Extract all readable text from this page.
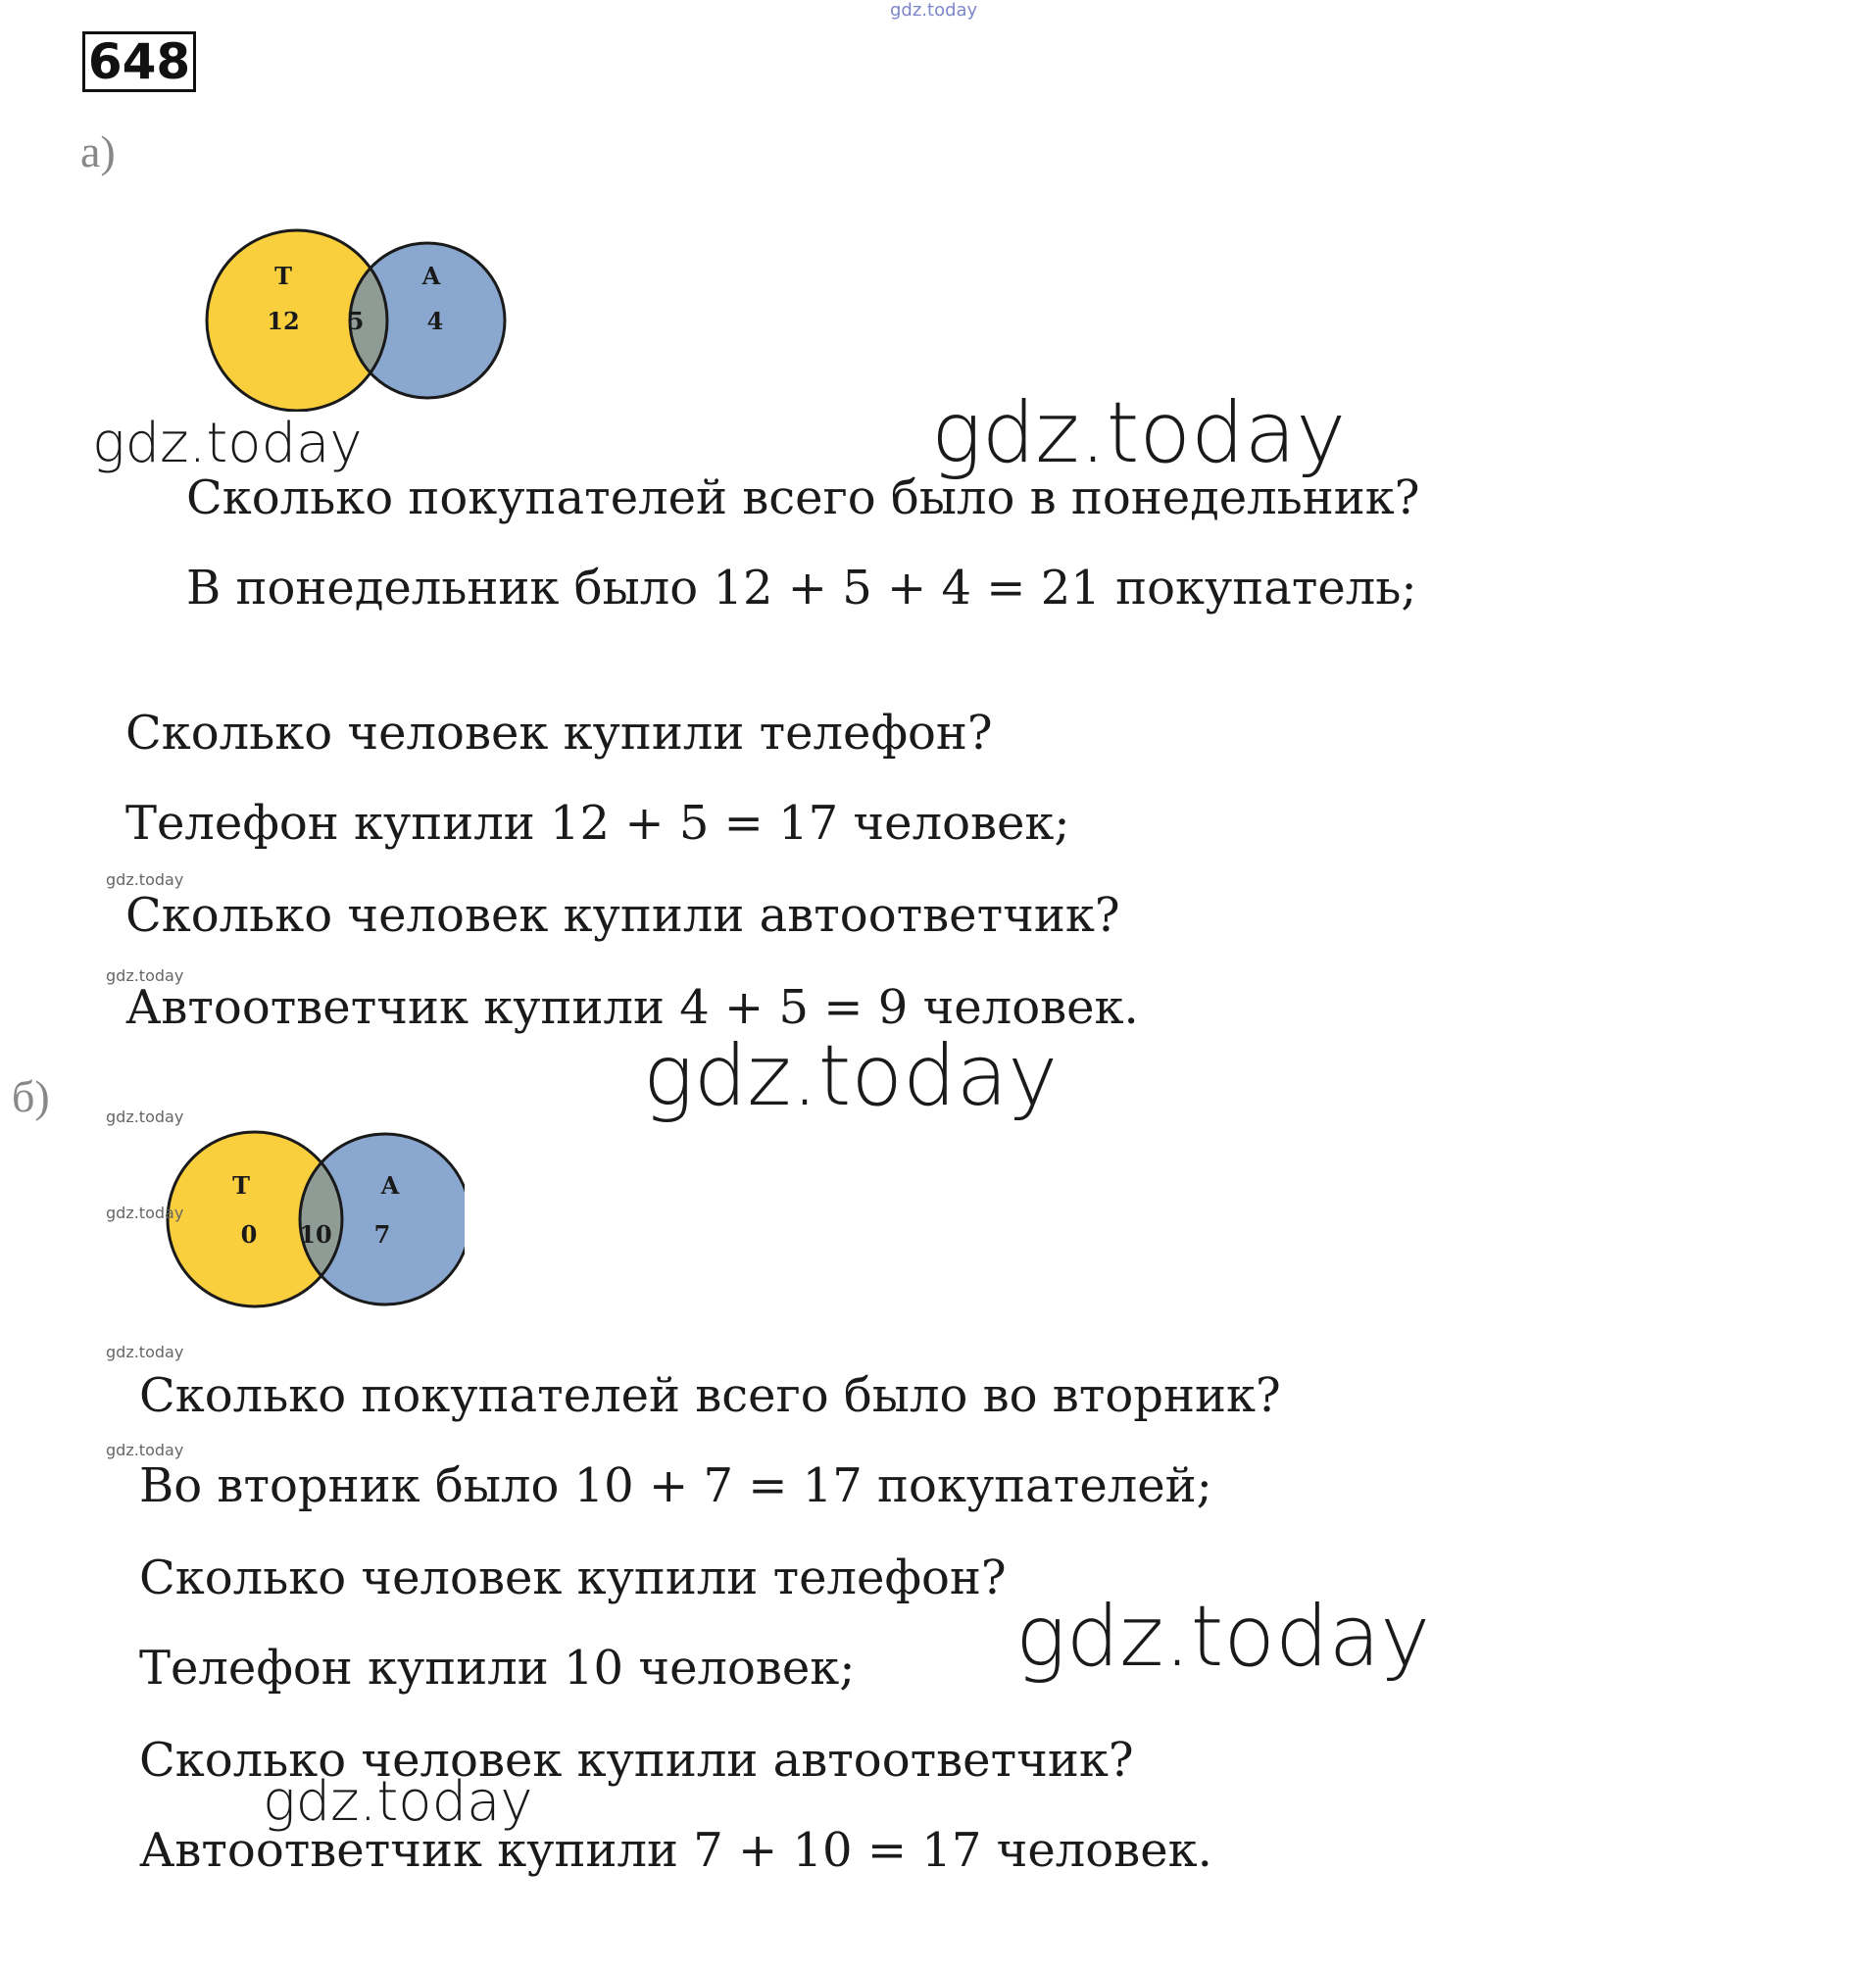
gdz.today
648
а)
Т	А
12 5	4
Сколько покупателей всего было в понедельник?
В понедельник было 12 + 5 + 4 = 21 покупатель;
Сколько человек купили телефон?
Телефон купили 12 + 5 = 17 человек;
Сколько человек купили автоответчик?
Автоответчик купили 4 + 5 = 9 человек.
б)
Т	А
0 10 7
Сколько покупателей всего было во вторник?
Во вторник было 10 + 7 = 17 покупателей;
Сколько человек купили телефон?
Телефон купили 10 человек;
Сколько человек купили автоответчик?
Автоответчик купили 7 + 10 = 17 человек.
gdz.today	gdz.today
gdz.today
gdz.today
gdz.today
gdz.today
gdz.today
gdz.today
gdz.today
gdz.today
gdz.today
